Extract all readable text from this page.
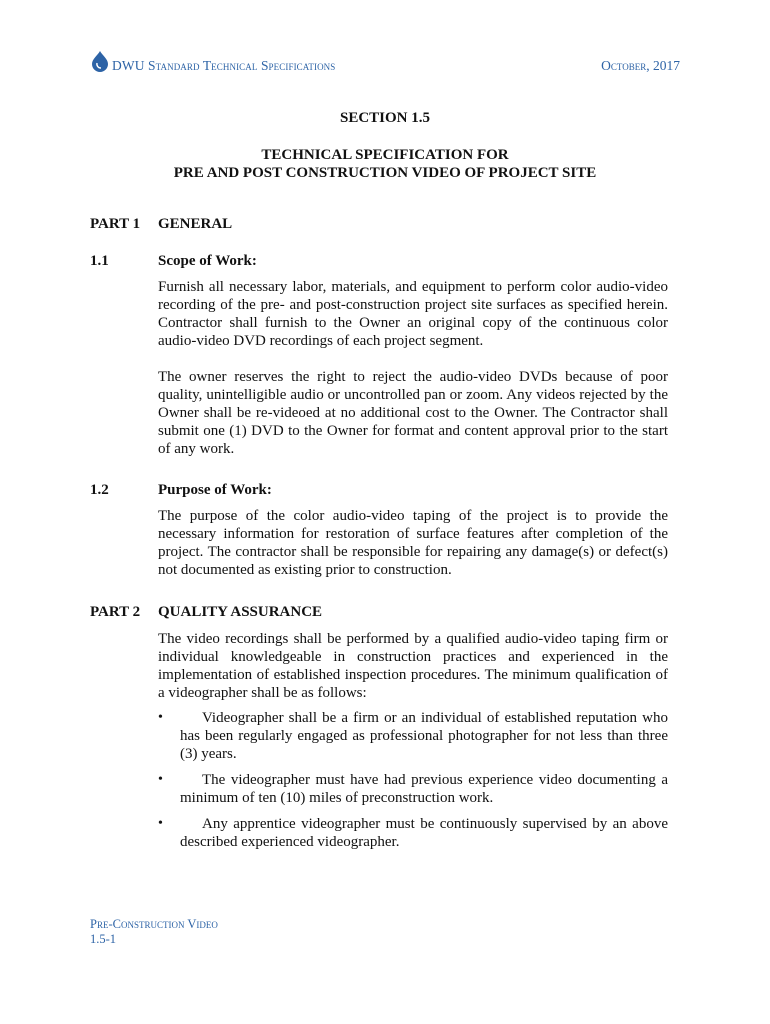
DWU Standard Technical Specifications	October, 2017
SECTION 1.5
TECHNICAL SPECIFICATION FOR
PRE AND POST CONSTRUCTION VIDEO OF PROJECT SITE
PART 1 GENERAL
1.1	Scope of Work:
Furnish all necessary labor, materials, and equipment to perform color audio-video recording of the pre- and post-construction project site surfaces as specified herein. Contractor shall furnish to the Owner an original copy of the continuous color audio-video DVD recordings of each project segment.
The owner reserves the right to reject the audio-video DVDs because of poor quality, unintelligible audio or uncontrolled pan or zoom. Any videos rejected by the Owner shall be re-videoed at no additional cost to the Owner. The Contractor shall submit one (1) DVD to the Owner for format and content approval prior to the start of any work.
1.2	Purpose of Work:
The purpose of the color audio-video taping of the project is to provide the necessary information for restoration of surface features after completion of the project. The contractor shall be responsible for repairing any damage(s) or defect(s) not documented as existing prior to construction.
PART 2 QUALITY ASSURANCE
The video recordings shall be performed by a qualified audio-video taping firm or individual knowledgeable in construction practices and experienced in the implementation of established inspection procedures. The minimum qualification of a videographer shall be as follows:
•	Videographer shall be a firm or an individual of established reputation who has been regularly engaged as professional photographer for not less than three (3) years.
•	The videographer must have had previous experience video documenting a minimum of ten (10) miles of preconstruction work.
•	Any apprentice videographer must be continuously supervised by an above described experienced videographer.
Pre-Construction Video
1.5-1
